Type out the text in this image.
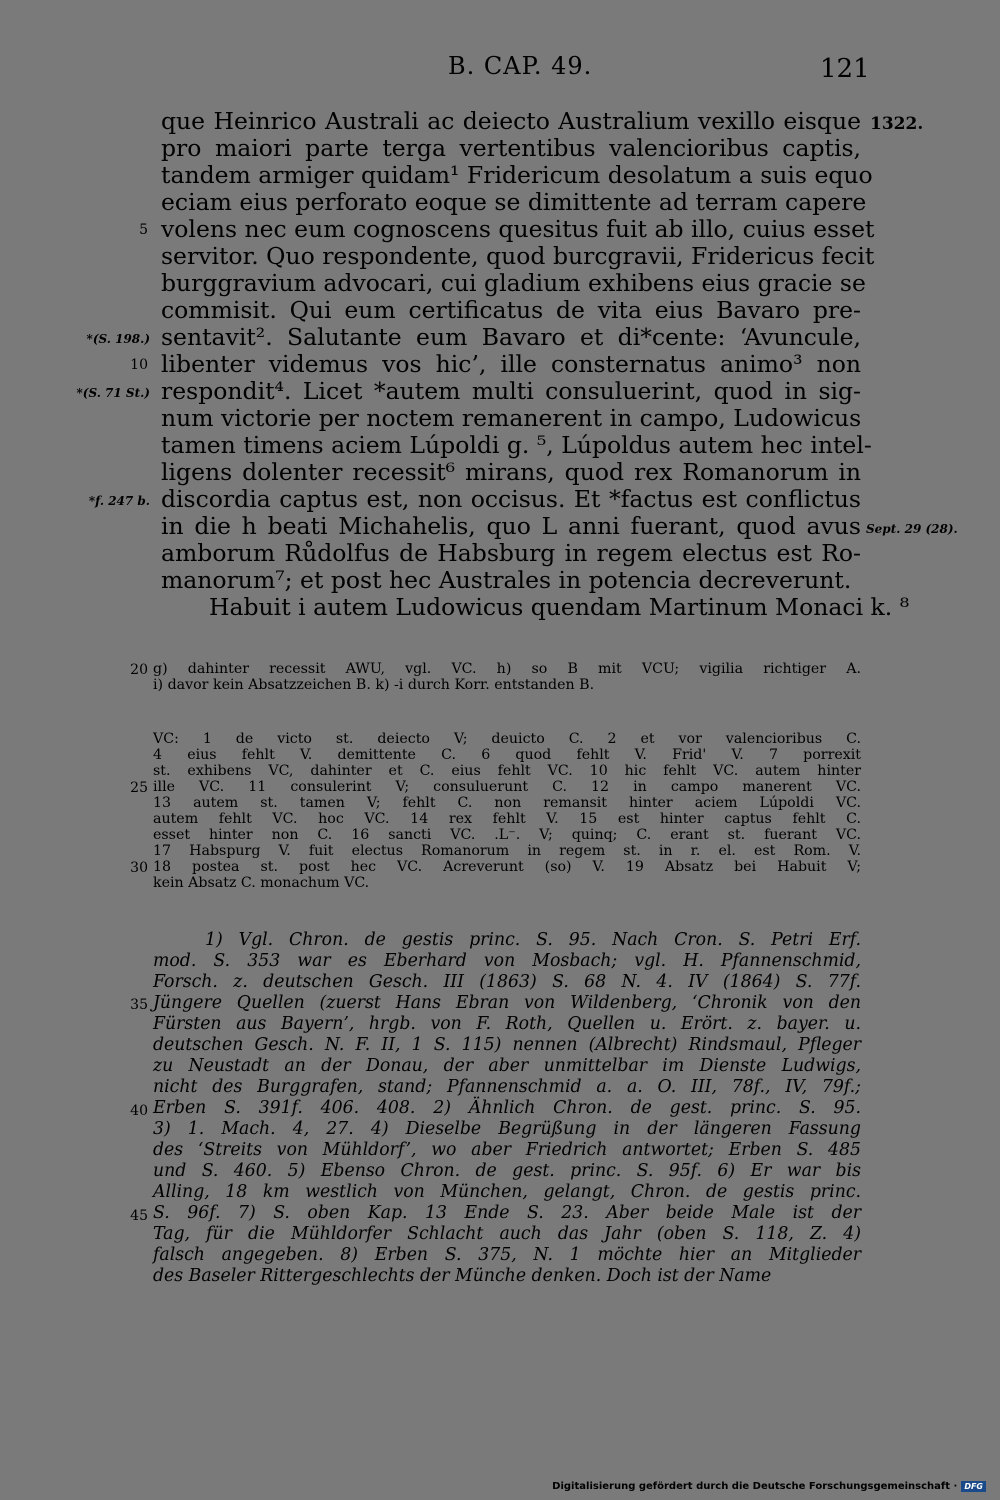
B. CAP. 49.	121
que Heinrico Australi ac deiecto Australium vexillo eisque
pro maiori parte terga vertentibus valencioribus captis,
tandem armiger quidam¹ Fridericum desolatum a suis equo
eciam eius perforato eoque se dimittente ad terram capere
volens nec eum cognoscens quesitus fuit ab illo, cuius esset
servitor. Quo respondente, quod burcgravii, Fridericus fecit
burggravium advocari, cui gladium exhibens eius gracie se
commisit. Qui eum certificatus de vita eius Bavaro pre-
sentavit². Salutante eum Bavaro et di*cente: ‘Avuncule,
libenter videmus vos hic’, ille consternatus animo³ non
respondit⁴. Licet *autem multi consuluerint, quod in sig-
num victorie per noctem remanerent in campo, Ludowicus
tamen timens aciem Lúpoldi g. ⁵, Lúpoldus autem hec intel-
ligens dolenter recessit⁶ mirans, quod rex Romanorum in
discordia captus est, non occisus. Et *factus est conflictus
in die h beati Michahelis, quo L anni fuerant, quod avus
amborum Růdolfus de Habsburg in regem electus est Ro-
manorum⁷; et post hec Australes in potencia decreverunt.
Habuit i autem Ludowicus quendam Martinum Monaci k. ⁸
5
10
*(S. 198.)
*(S. 71 St.)
*f. 247 b.
1322.
Sept. 29 (28).
20 g) dahinter recessit AWU, vgl. VC. h) so B mit VCU; vigilia richtiger A.
i) davor kein Absatzzeichen B. k) -i durch Korr. entstanden B.
VC: 1 de victo st. deiecto V; deuicto C. 2 et vor valencioribus C.
4 eius fehlt V. demittente C. 6 quod fehlt V. Frid' V. 7 porrexit
st. exhibens VC, dahinter et C. eius fehlt VC. 10 hic fehlt VC. autem hinter
ille VC. 11 consulerint V; consuluerunt C. 12 in campo manerent VC.
13 autem st. tamen V; fehlt C. non remansit hinter aciem Lúpoldi VC.
autem fehlt VC. hoc VC. 14 rex fehlt V. 15 est hinter captus fehlt C.
esset hinter non C. 16 sancti VC. .L⁻. V; quinq; C. erant st. fuerant VC.
17 Habspurg V. fuit electus Romanorum in regem st. in r. el. est Rom. V.
18 postea st. post hec VC. Acreverunt (so) V. 19 Absatz bei Habuit V;
kein Absatz C. monachum VC.
25
30
1) Vgl. Chron. de gestis princ. S. 95. Nach Cron. S. Petri Erf.
mod. S. 353 war es Eberhard von Mosbach; vgl. H. Pfannenschmid,
Forsch. z. deutschen Gesch. III (1863) S. 68 N. 4. IV (1864) S. 77f.
Jüngere Quellen (zuerst Hans Ebran von Wildenberg, ‘Chronik von den
Fürsten aus Bayern’, hrgb. von F. Roth, Quellen u. Erört. z. bayer. u.
deutschen Gesch. N. F. II, 1 S. 115) nennen (Albrecht) Rindsmaul, Pfleger
zu Neustadt an der Donau, der aber unmittelbar im Dienste Ludwigs,
nicht des Burggrafen, stand; Pfannenschmid a. a. O. III, 78f., IV, 79f.;
Erben S. 391f. 406. 408. 2) Ähnlich Chron. de gest. princ. S. 95.
3) 1. Mach. 4, 27. 4) Dieselbe Begrüßung in der längeren Fassung
des ‘Streits von Mühldorf’, wo aber Friedrich antwortet; Erben S. 485
und S. 460. 5) Ebenso Chron. de gest. princ. S. 95f. 6) Er war bis
Alling, 18 km westlich von München, gelangt, Chron. de gestis princ.
S. 96f. 7) S. oben Kap. 13 Ende S. 23. Aber beide Male ist der
Tag, für die Mühldorfer Schlacht auch das Jahr (oben S. 118, Z. 4)
falsch angegeben. 8) Erben S. 375, N. 1 möchte hier an Mitglieder
des Baseler Rittergeschlechts der Münche denken. Doch ist der Name
35
40
45
Digitalisierung gefördert durch die Deutsche Forschungsgemeinschaft · DFG
